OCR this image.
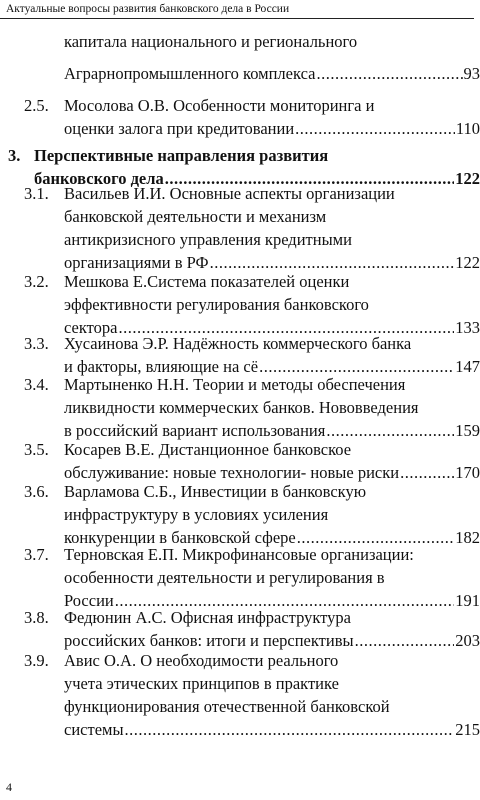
Актуальные вопросы развития банковского дела в России
капитала национального и регионального
Аграрнопромышленного комплекса .....	93
2.5. Мосолова О.В. Особенности мониторинга и
оценки залога при кредитовании .....	110
3. Перспективные направления развития
банковского дела .....	122
3.1. Васильев И.И. Основные аспекты организации
банковской деятельности и механизм
антикризисного управления кредитными
организациями в РФ .....	122
3.2. Мешкова Е.Система показателей оценки
эффективности регулирования банковского
сектора .....	133
3.3. Хусаинова Э.Р. Надёжность коммерческого банка
и факторы, влияющие на сё .....	147
3.4. Мартыненко Н.Н. Теории и методы обеспечения
ликвидности коммерческих банков. Нововведения
в российский вариант использования .....	159
3.5. Косарев В.Е. Дистанционное банковское
обслуживание: новые технологии- новые риски .....	170
3.6. Варламова С.Б., Инвестиции в банковскую
инфраструктуру в условиях усиления
конкуренции в банковской сфере .....	182
3.7. Терновская Е.П. Микрофинансовые организации:
особенности деятельности и регулирования в
России .....	191
3.8. Федюнин А.С. Офисная инфраструктура
российских банков: итоги и перспективы .....	203
3.9. Авис О.А. О необходимости реального
учета этических принципов в практике
функционирования отечественной банковской
системы .....	215
4
